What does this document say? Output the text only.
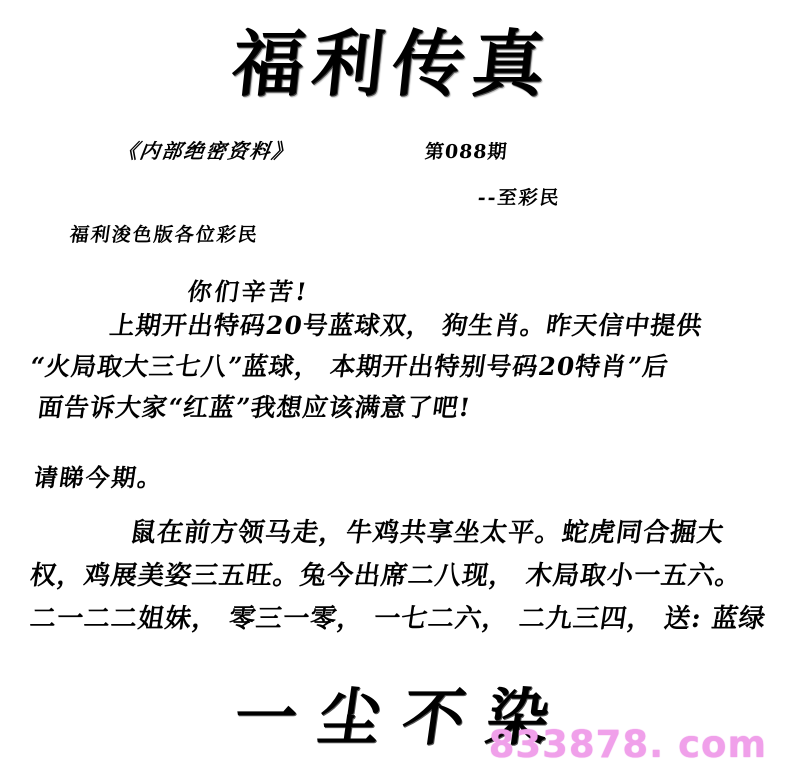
福利传真
《内部绝密资料》	第088期
--至彩民
福利浚色版各位彩民
你们辛苦!
上期开出特码20号蓝球双， 狗生肖。昨天信中提供
“火局取大三七八”蓝球， 本期开出特别号码20特肖”后
面告诉大家“红蓝”我想应该满意了吧!
请睇今期。
鼠在前方领马走，牛鸡共享坐太平。蛇虎同合掘大
权，鸡展美姿三五旺。兔今出席二八现， 木局取小一五六。
二一二二姐妹， 零三一零， 一七二六， 二九三四， 送: 蓝绿
一尘不染
833878. com
